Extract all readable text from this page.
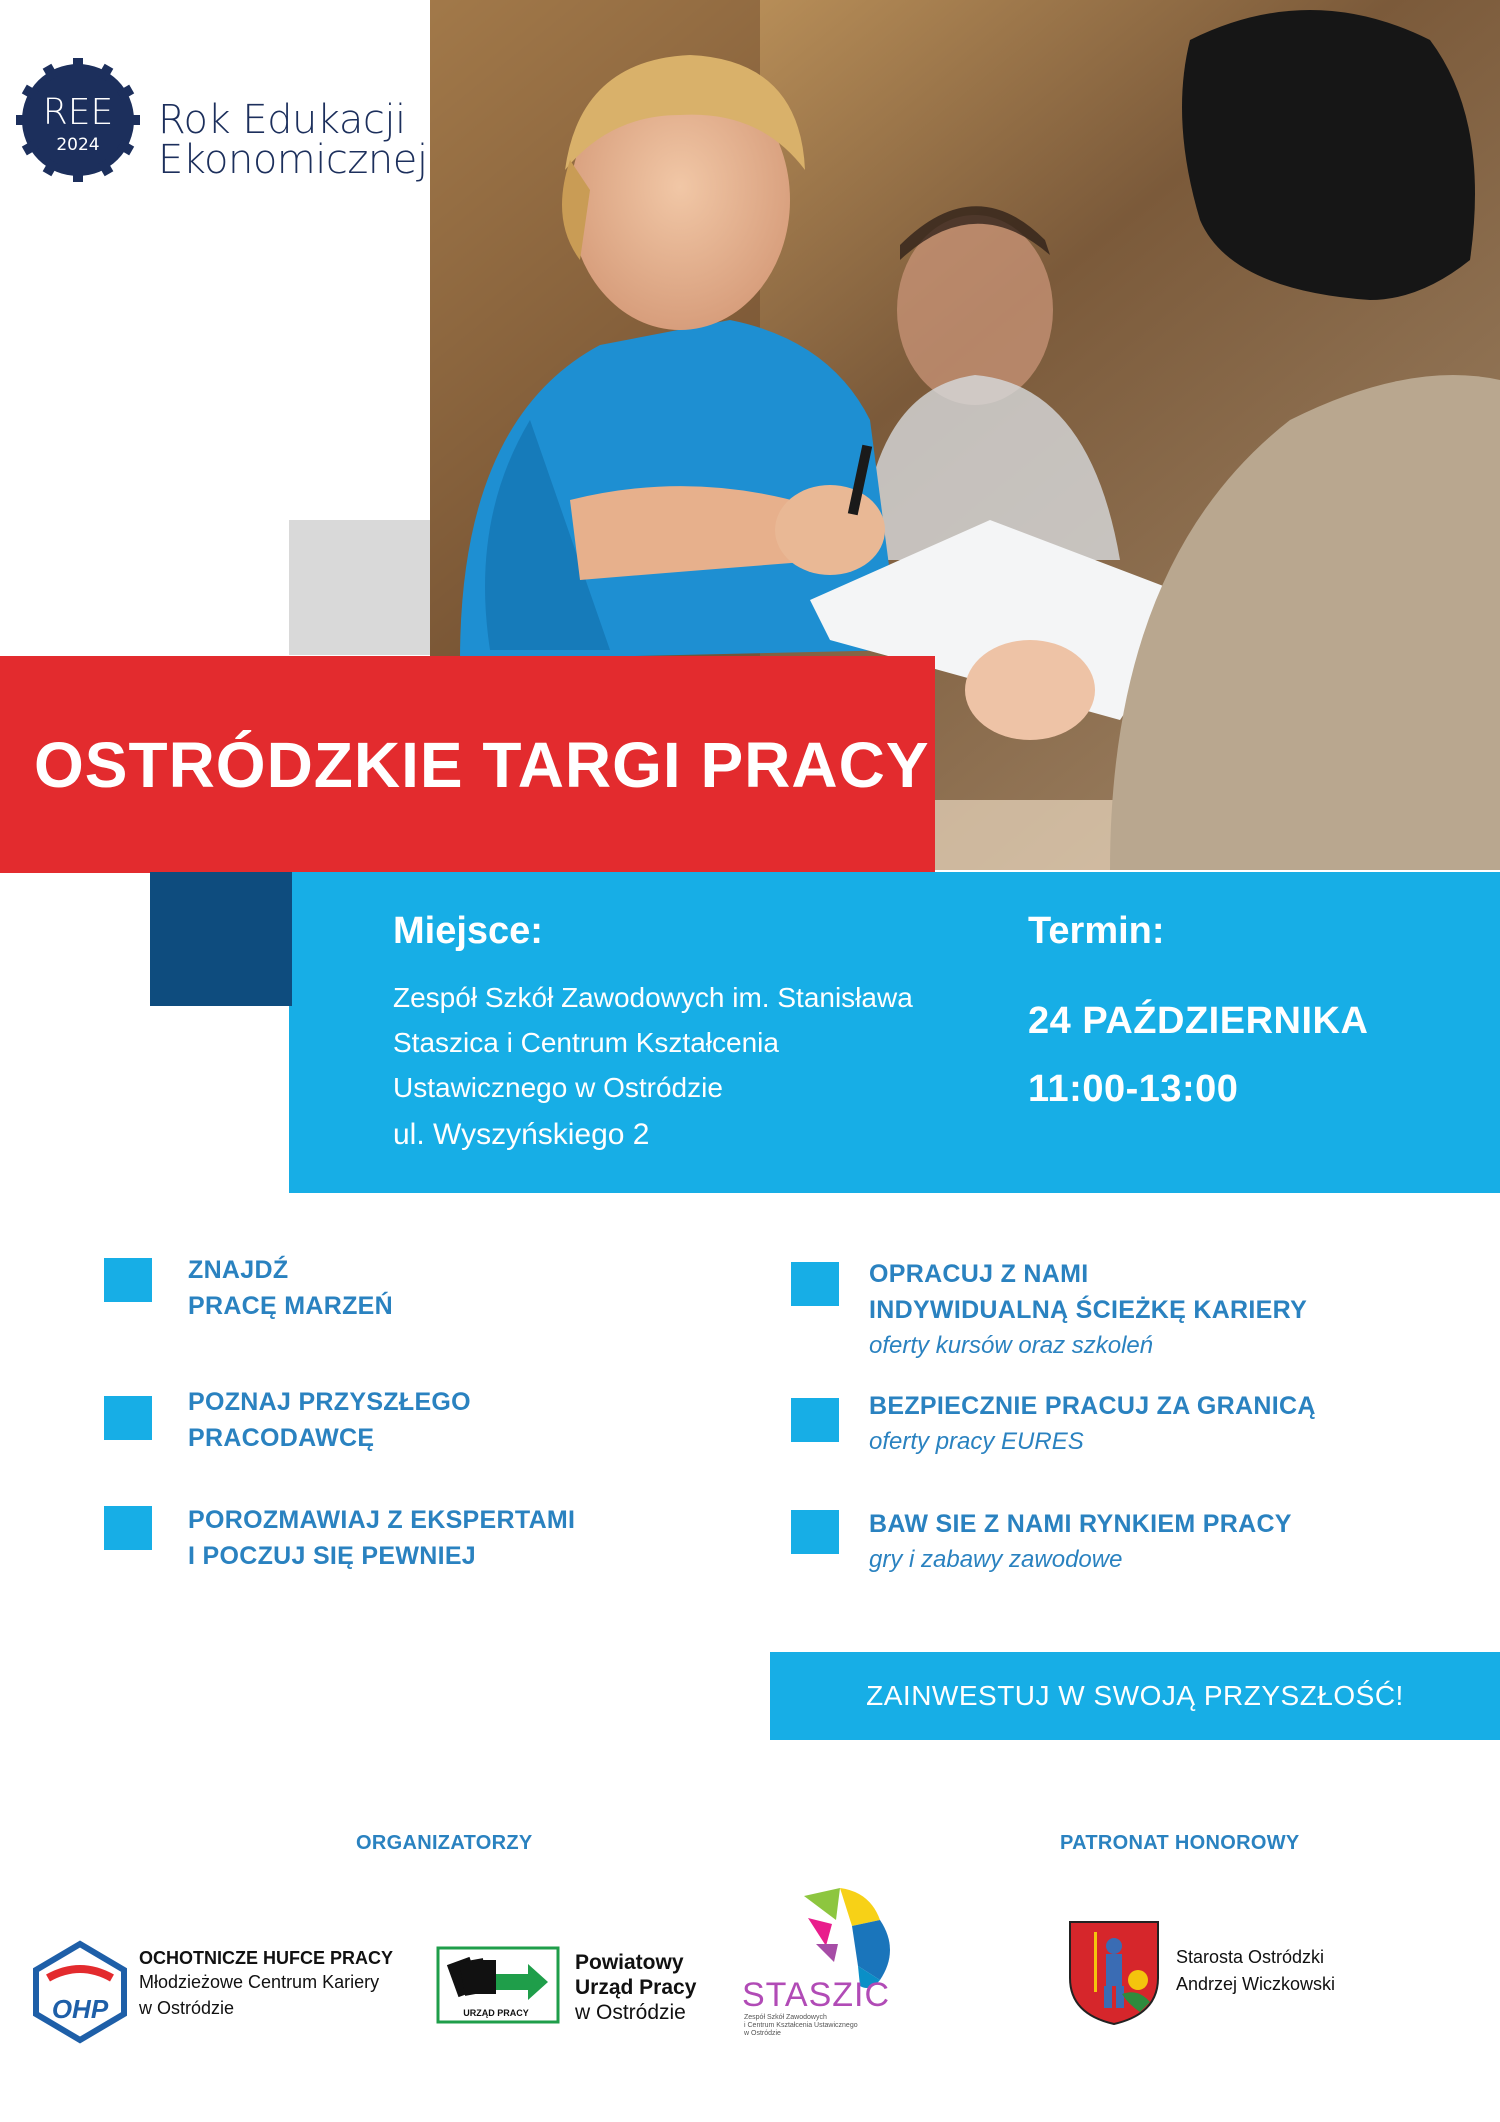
REE
2024
Rok Edukacji
Ekonomicznej
OSTRÓDZKIE TARGI PRACY
Miejsce:
Zespół Szkół Zawodowych im. Stanisława
Staszica i Centrum Kształcenia
Ustawicznego w Ostródzie
ul. Wyszyńskiego 2
Termin:
24 PAŹDZIERNIKA
11:00-13:00
ZNAJDŹ
PRACĘ MARZEŃ
POZNAJ PRZYSZŁEGO
PRACODAWCĘ
POROZMAWIAJ Z EKSPERTAMI
I POCZUJ SIĘ PEWNIEJ
OPRACUJ Z NAMI
INDYWIDUALNĄ ŚCIEŻKĘ KARIERY
oferty kursów oraz szkoleń
BEZPIECZNIE PRACUJ ZA GRANICĄ
oferty pracy EURES
BAW SIE Z NAMI RYNKIEM PRACY
gry i zabawy zawodowe
ZAINWESTUJ W SWOJĄ PRZYSZŁOŚĆ!
ORGANIZATORZY	PATRONAT HONOROWY
OHP
OCHOTNICZE HUFCE PRACY
Młodzieżowe Centrum Kariery
w Ostródzie	URZĄD PRACY
Powiatowy
Urząd Pracy
w Ostródzie	STASZIC
Zespół Szkół Zawodowych
i Centrum Kształcenia Ustawicznego
w Ostródzie
Starosta Ostródzki
Andrzej Wiczkowski
